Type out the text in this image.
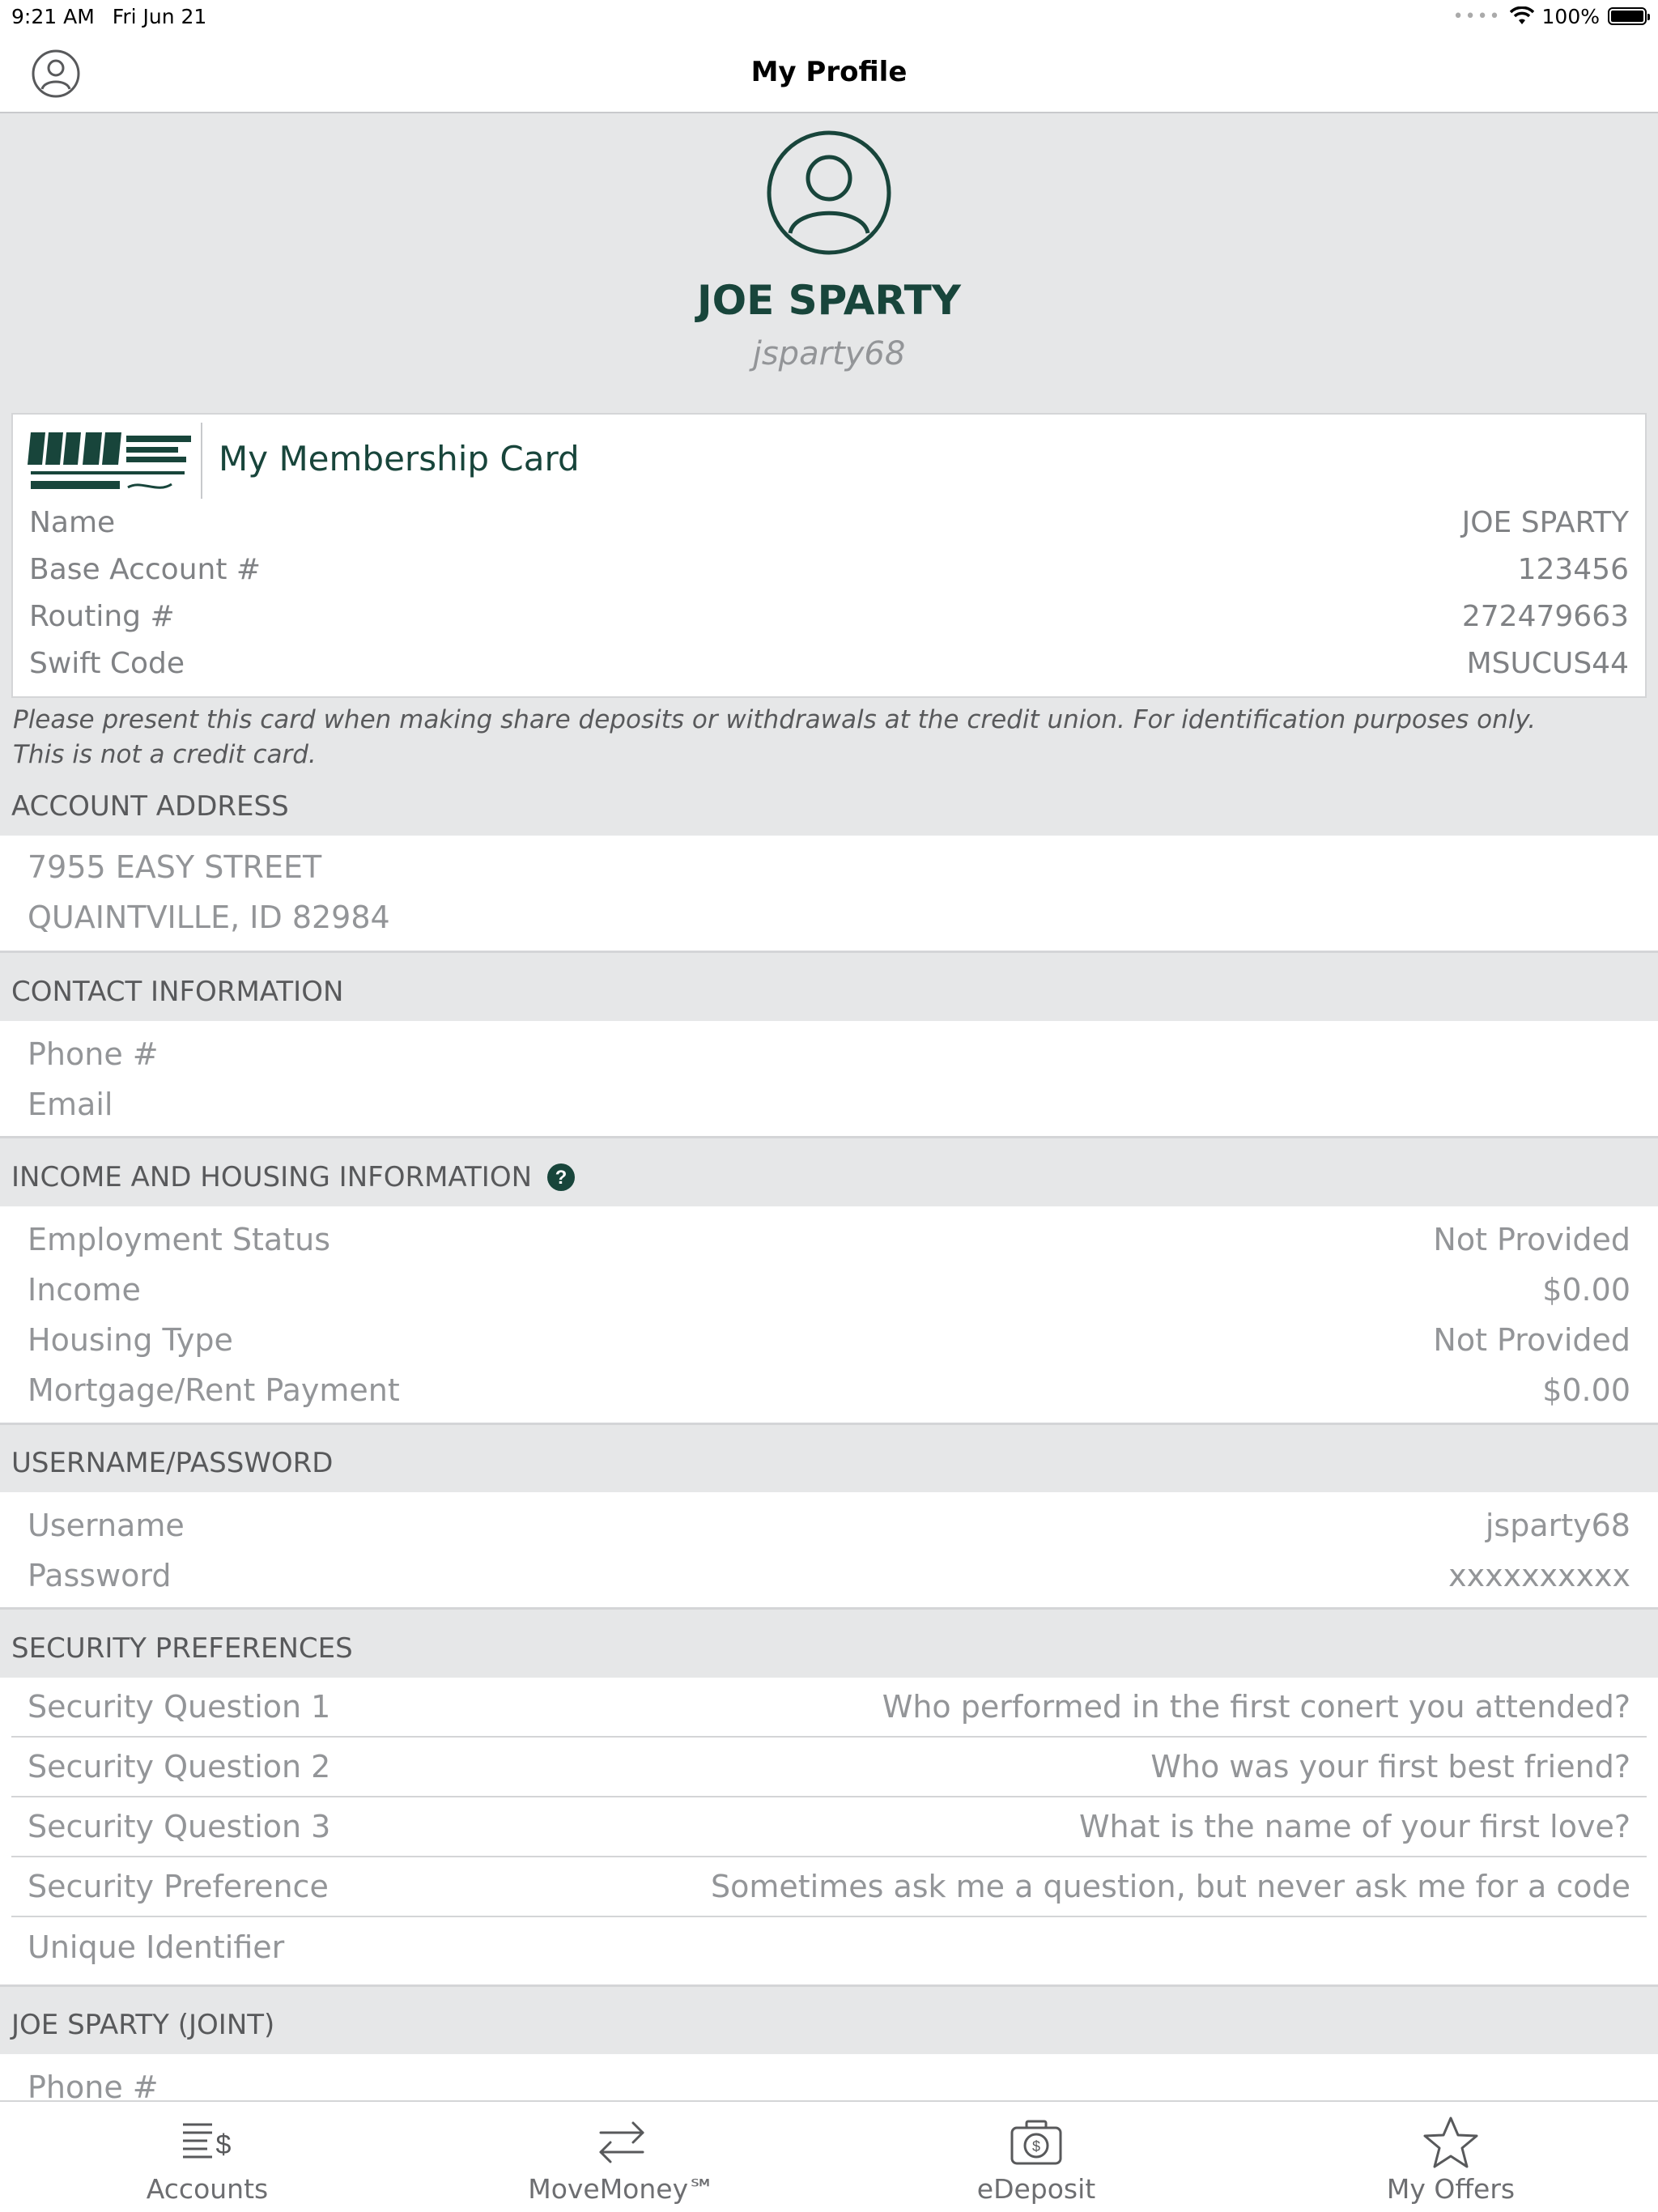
9:21 AM Fri Jun 21	•••• 100%
My Profile
JOE SPARTY
jsparty68
My Membership Card
Name	JOE SPARTY
Base Account #	123456
Routing #	272479663
Swift Code	MSUCUS44
Please present this card when making share deposits or withdrawals at the credit union. For identification purposes only. This is not a credit card.
ACCOUNT ADDRESS
7955 EASY STREET
QUAINTVILLE, ID 82984
CONTACT INFORMATION
Phone #
Email
INCOME AND HOUSING INFORMATION ?
Employment Status	Not Provided
Income	$0.00
Housing Type	Not Provided
Mortgage/Rent Payment	$0.00
USERNAME/PASSWORD
Username	jsparty68
Password	xxxxxxxxxx
SECURITY PREFERENCES
Security Question 1	Who performed in the first conert you attended?
Security Question 2	Who was your first best friend?
Security Question 3	What is the name of your first love?
Security Preference	Sometimes ask me a question, but never ask me for a code
Unique Identifier
JOE SPARTY (JOINT)
Phone #
$
Accounts	MoveMoney℠
$
eDeposit	My Offers
